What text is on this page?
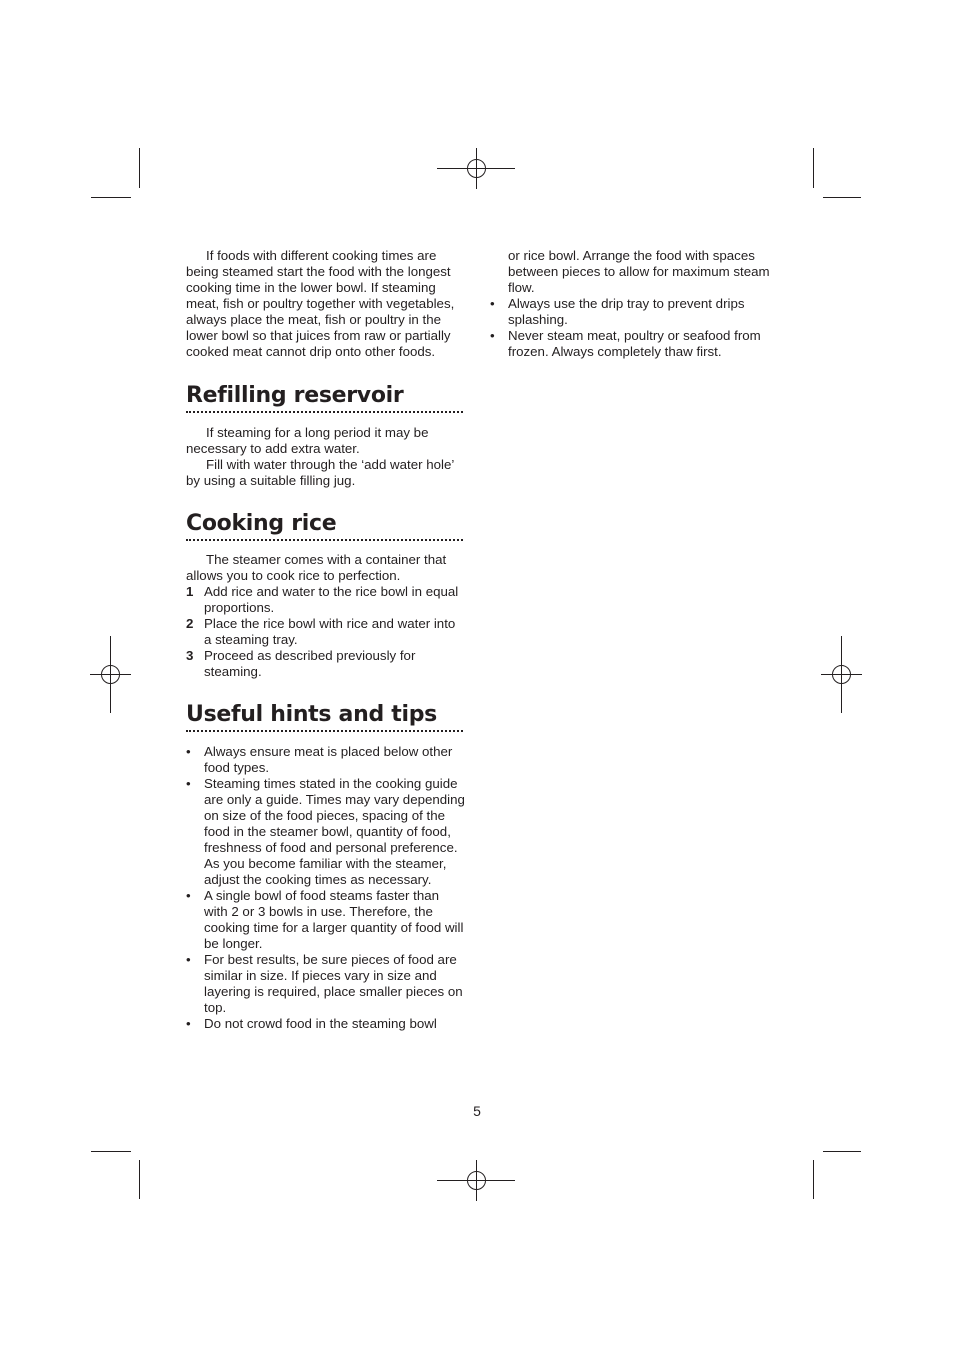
If foods with different cooking times are being steamed start the food with the longest cooking time in the lower bowl. If steaming meat, fish or poultry together with vegetables, always place the meat, fish or poultry in the lower bowl so that juices from raw or partially cooked meat cannot drip onto other foods.

Refilling reservoir

If steaming for a long period it may be necessary to add extra water.

Fill with water through the ‘add water hole’ by using a suitable filling jug.

Cooking rice

The steamer comes with a container that allows you to cook rice to perfection.

1 Add rice and water to the rice bowl in equal proportions.
2 Place the rice bowl with rice and water into a steaming tray.
3 Proceed as described previously for steaming.
Useful hints and tips
• Always ensure meat is placed below other food types.
• Steaming times stated in the cooking guide are only a guide. Times may vary depending on size of the food pieces, spacing of the food in the steamer bowl, quantity of food, freshness of food and personal preference. As you become familiar with the steamer, adjust the cooking times as necessary.
• A single bowl of food steams faster than with 2 or 3 bowls in use. Therefore, the cooking time for a larger quantity of food will be longer.
• For best results, be sure pieces of food are similar in size. If pieces vary in size and layering is required, place smaller pieces on top.
• Do not crowd food in the steaming bowl

or rice bowl. Arrange the food with spaces between pieces to allow for maximum steam flow.

• Always use the drip tray to prevent drips splashing.
• Never steam meat, poultry or seafood from frozen. Always completely thaw first.
5
